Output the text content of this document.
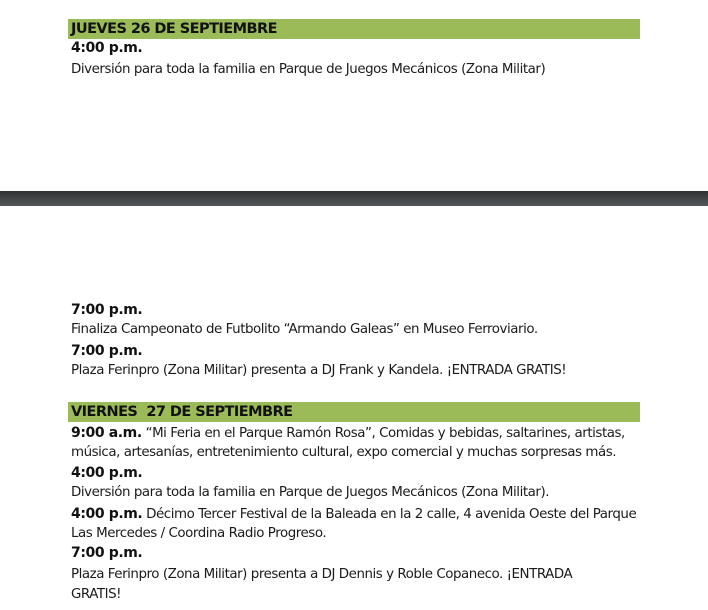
JUEVES 26 DE SEPTIEMBRE
4:00 p.m.
Diversión para toda la familia en Parque de Juegos Mecánicos (Zona Militar)
7:00 p.m.
Finaliza Campeonato de Futbolito “Armando Galeas” en Museo Ferroviario.
7:00 p.m.
Plaza Ferinpro (Zona Militar) presenta a DJ Frank y Kandela. ¡ENTRADA GRATIS!
VIERNES  27 DE SEPTIEMBRE
9:00 a.m. “Mi Feria en el Parque Ramón Rosa”, Comidas y bebidas, saltarines, artistas,
música, artesanías, entretenimiento cultural, expo comercial y muchas sorpresas más.
4:00 p.m.
Diversión para toda la familia en Parque de Juegos Mecánicos (Zona Militar).
4:00 p.m. Décimo Tercer Festival de la Baleada en la 2 calle, 4 avenida Oeste del Parque
Las Mercedes / Coordina Radio Progreso.
7:00 p.m.
Plaza Ferinpro (Zona Militar) presenta a DJ Dennis y Roble Copaneco. ¡ENTRADA
GRATIS!
